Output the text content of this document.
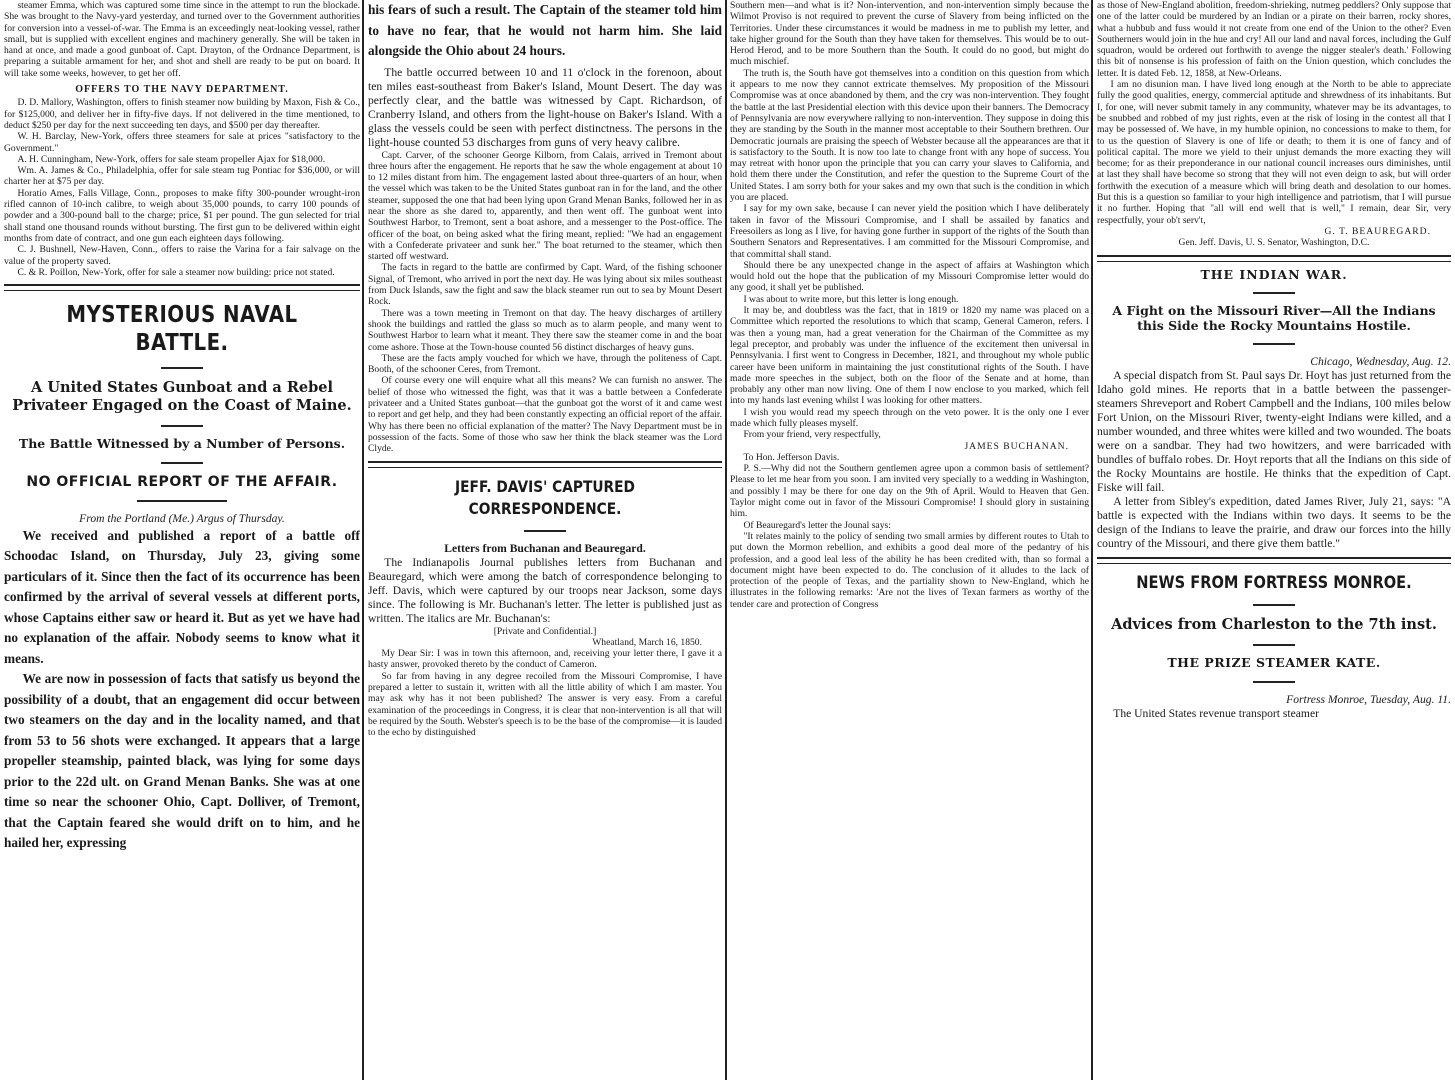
steamer Emma, which was captured some time since in the attempt to run the blockade. She was brought to the Navy-yard yesterday, and turned over to the Government authorities for conversion into a vessel-of-war. The Emma is an exceedingly neat-looking vessel, rather small, but is supplied with excellent engines and machinery generally. She will be taken in hand at once, and made a good gunboat of. Capt. Drayton, of the Ordnance Department, is preparing a suitable armament for her, and shot and shell are ready to be put on board. It will take some weeks, however, to get her off.

OFFERS TO THE NAVY DEPARTMENT.

D. D. Mallory, Washington, offers to finish steamer now building by Maxon, Fish & Co., for $125,000, and deliver her in fifty-five days. If not delivered in the time mentioned, to deduct $250 per day for the next succeeding ten days, and $500 per day thereafter.

W. H. Barclay, New-York, offers three steamers for sale at prices "satisfactory to the Government."

A. H. Cunningham, New-York, offers for sale steam propeller Ajax for $18,000.

Wm. A. James & Co., Philadelphia, offer for sale steam tug Pontiac for $36,000, or will charter her at $75 per day.

Horatio Ames, Falls Village, Conn., proposes to make fifty 300-pounder wrought-iron rifled cannon of 10-inch calibre, to weigh about 35,000 pounds, to carry 100 pounds of powder and a 300-pound ball to the charge; price, $1 per pound. The gun selected for trial shall stand one thousand rounds without bursting. The first gun to be delivered within eight months from date of contract, and one gun each eighteen days following.

C. J. Bushnell, New-Haven, Conn., offers to raise the Varina for a fair salvage on the value of the property saved.

C. & R. Poillon, New-York, offer for sale a steamer now building: price not stated.

MYSTERIOUS NAVAL BATTLE.

A United States Gunboat and a Rebel Privateer Engaged on the Coast of Maine.

The Battle Witnessed by a Number of Persons.

NO OFFICIAL REPORT OF THE AFFAIR.

From the Portland (Me.) Argus of Thursday.

We received and published a report of a battle off Schoodac Island, on Thursday, July 23, giving some particulars of it. Since then the fact of its occurrence has been confirmed by the arrival of several vessels at different ports, whose Captains either saw or heard it. But as yet we have had no explanation of the affair. Nobody seems to know what it means.

We are now in possession of facts that satisfy us beyond the possibility of a doubt, that an engagement did occur between two steamers on the day and in the locality named, and that from 53 to 56 shots were exchanged. It appears that a large propeller steamship, painted black, was lying for some days prior to the 22d ult. on Grand Menan Banks. She was at one time so near the schooner Ohio, Capt. Dolliver, of Tremont, that the Captain feared she would drift on to him, and he hailed her, expressing

his fears of such a result. The Captain of the steamer told him to have no fear, that he would not harm him. She laid alongside the Ohio about 24 hours.

The battle occurred between 10 and 11 o'clock in the forenoon, about ten miles east-southeast from Baker's Island, Mount Desert. The day was perfectly clear, and the battle was witnessed by Capt. Richardson, of Cranberry Island, and others from the light-house on Baker's Island. With a glass the vessels could be seen with perfect distinctness. The persons in the light-house counted 53 discharges from guns of very heavy calibre.

Capt. Carver, of the schooner George Kilborn, from Calais, arrived in Tremont about three hours after the engagement. He reports that he saw the whole engagement at about 10 to 12 miles distant from him. The engagement lasted about three-quarters of an hour, when the vessel which was taken to be the United States gunboat ran in for the land, and the other steamer, supposed the one that had been lying upon Grand Menan Banks, followed her in as near the shore as she dared to, apparently, and then went off. The gunboat went into Southwest Harbor, to Tremont, sent a boat ashore, and a messenger to the Post-office. The officer of the boat, on being asked what the firing meant, replied: "We had an engagement with a Confederate privateer and sunk her." The boat returned to the steamer, which then started off westward.

The facts in regard to the battle are confirmed by Capt. Ward, of the fishing schooner Signal, of Tremont, who arrived in port the next day. He was lying about six miles southeast from Duck Islands, saw the fight and saw the black steamer run out to sea by Mount Desert Rock.

There was a town meeting in Tremont on that day. The heavy discharges of artillery shook the buildings and rattled the glass so much as to alarm people, and many went to Southwest Harbor to learn what it meant. They there saw the steamer come in and the boat come ashore. Those at the Town-house counted 56 distinct discharges of heavy guns.

These are the facts amply vouched for which we have, through the politeness of Capt. Booth, of the schooner Ceres, from Tremont.

Of course every one will enquire what all this means? We can furnish no answer. The belief of those who witnessed the fight, was that it was a battle between a Confederate privateer and a United States gunboat—that the gunboat got the worst of it and came west to report and get help, and they had been constantly expecting an official report of the affair. Why has there been no official explanation of the matter? The Navy Department must be in possession of the facts. Some of those who saw her think the black steamer was the Lord Clyde.

JEFF. DAVIS' CAPTURED CORRESPONDENCE.

Letters from Buchanan and Beauregard.

The Indianapolis Journal publishes letters from Buchanan and Beauregard, which were among the batch of correspondence belonging to Jeff. Davis, which were captured by our troops near Jackson, some days since. The following is Mr. Buchanan's letter. The letter is published just as written. The italics are Mr. Buchanan's:

[Private and Confidential.]

Wheatland, March 16, 1850.

My Dear Sir: I was in town this afternoon, and, receiving your letter there, I gave it a hasty answer, provoked thereto by the conduct of Cameron.

So far from having in any degree recoiled from the Missouri Compromise, I have prepared a letter to sustain it, written with all the little ability of which I am master. You may ask why has it not been published? The answer is very easy. From a careful examination of the proceedings in Congress, it is clear that non-intervention is all that will be required by the South. Webster's speech is to be the base of the compromise—it is lauded to the echo by distinguished

Southern men—and what is it? Non-intervention, and non-intervention simply because the Wilmot Proviso is not required to prevent the curse of Slavery from being inflicted on the Territories. Under these circumstances it would be madness in me to publish my letter, and take higher ground for the South than they have taken for themselves. This would be to out-Herod Herod, and to be more Southern than the South. It could do no good, but might do much mischief.

The truth is, the South have got themselves into a condition on this question from which it appears to me now they cannot extricate themselves. My proposition of the Missouri Compromise was at once abandoned by them, and the cry was non-intervention. They fought the battle at the last Presidential election with this device upon their banners. The Democracy of Pennsylvania are now everywhere rallying to non-intervention. They suppose in doing this they are standing by the South in the manner most acceptable to their Southern brethren. Our Democratic journals are praising the speech of Webster because all the appearances are that it is satisfactory to the South. It is now too late to change front with any hope of success. You may retreat with honor upon the principle that you can carry your slaves to California, and hold them there under the Constitution, and refer the question to the Supreme Court of the United States. I am sorry both for your sakes and my own that such is the condition in which you are placed.

I say for my own sake, because I can never yield the position which I have deliberately taken in favor of the Missouri Compromise, and I shall be assailed by fanatics and Freesoilers as long as I live, for having gone further in support of the rights of the South than Southern Senators and Representatives. I am committed for the Missouri Compromise, and that committal shall stand.

Should there be any unexpected change in the aspect of affairs at Washington which would hold out the hope that the publication of my Missouri Compromise letter would do any good, it shall yet be published.

I was about to write more, but this letter is long enough.

It may be, and doubtless was the fact, that in 1819 or 1820 my name was placed on a Committee which reported the resolutions to which that scamp, General Cameron, refers. I was then a young man, had a great veneration for the Chairman of the Committee as my legal preceptor, and probably was under the influence of the excitement then universal in Pennsylvania. I first went to Congress in December, 1821, and throughout my whole public career have been uniform in maintaining the just constitutional rights of the South. I have made more speeches in the subject, both on the floor of the Senate and at home, than probably any other man now living. One of them I now enclose to you marked, which fell into my hands last evening whilst I was looking for other matters.

I wish you would read my speech through on the veto power. It is the only one I ever made which fully pleases myself.

From your friend, very respectfully,

JAMES BUCHANAN.

To Hon. Jefferson Davis.

P. S.—Why did not the Southern gentlemen agree upon a common basis of settlement? Please to let me hear from you soon. I am invited very specially to a wedding in Washington, and possibly I may be there for one day on the 9th of April. Would to Heaven that Gen. Taylor might come out in favor of the Missouri Compromise! I should glory in sustaining him.

Of Beauregard's letter the Jounal says:

"It relates mainly to the policy of sending two small armies by different routes to Utah to put down the Mormon rebellion, and exhibits a good deal more of the pedantry of his profession, and a good leal less of the ability he has been credited with, than so formal a document might have been expected to do. The conclusion of it alludes to the lack of protection of the people of Texas, and the partiality shown to New-England, which he illustrates in the following remarks: 'Are not the lives of Texan farmers as worthy of the tender care and protection of Congress

as those of New-England abolition, freedom-shrieking, nutmeg peddlers? Only suppose that one of the latter could be murdered by an Indian or a pirate on their barren, rocky shores, what a hubbub and fuss would it not create from one end of the Union to the other? Even Southerners would join in the hue and cry! All our land and naval forces, including the Gulf squadron, would be ordered out forthwith to avenge the nigger stealer's death.' Following this bit of nonsense is his profession of faith on the Union question, which concludes the letter. It is dated Feb. 12, 1858, at New-Orleans.

I am no disunion man. I have lived long enough at the North to be able to appreciate fully the good qualities, energy, commercial aptitude and shrewdness of its inhabitants. But I, for one, will never submit tamely in any community, whatever may be its advantages, to be snubbed and robbed of my just rights, even at the risk of losing in the contest all that I may be possessed of. We have, in my humble opinion, no concessions to make to them, for to us the question of Slavery is one of life or death; to them it is one of fancy and of political capital. The more we yield to their unjust demands the more exacting they will become; for as their preponderance in our national council increases ours diminishes, until at last they shall have become so strong that they will not even deign to ask, but will order forthwith the execution of a measure which will bring death and desolation to our homes. But this is a question so familiar to your high intelligence and patriotism, that I will pursue it no further. Hoping that "all will end well that is well," I remain, dear Sir, very respectfully, your ob't serv't,

G. T. BEAUREGARD.

Gen. Jeff. Davis, U. S. Senator, Washington, D.C.

THE INDIAN WAR.

A Fight on the Missouri River—All the Indians this Side the Rocky Mountains Hostile.

Chicago, Wednesday, Aug. 12.

A special dispatch from St. Paul says Dr. Hoyt has just returned from the Idaho gold mines. He reports that in a battle between the passenger-steamers Shreveport and Robert Campbell and the Indians, 100 miles below Fort Union, on the Missouri River, twenty-eight Indians were killed, and a number wounded, and three whites were killed and two wounded. The boats were on a sandbar. They had two howitzers, and were barricaded with bundles of buffalo robes. Dr. Hoyt reports that all the Indians on this side of the Rocky Mountains are hostile. He thinks that the expedition of Capt. Fiske will fail.

A letter from Sibley's expedition, dated James River, July 21, says: "A battle is expected with the Indians within two days. It seems to be the design of the Indians to leave the prairie, and draw our forces into the hilly country of the Missouri, and there give them battle."

NEWS FROM FORTRESS MONROE.

Advices from Charleston to the 7th inst.

THE PRIZE STEAMER KATE.

Fortress Monroe, Tuesday, Aug. 11.

The United States revenue transport steamer
